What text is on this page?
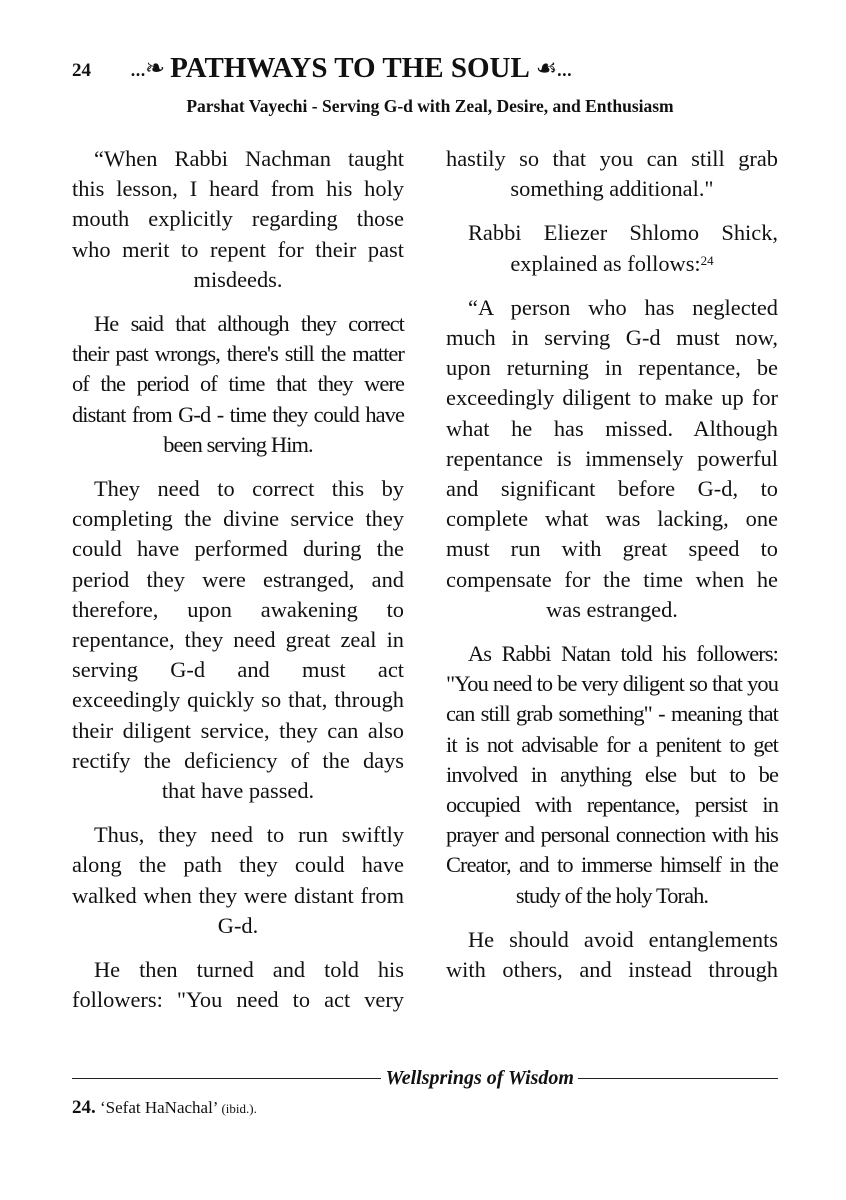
24 ...❧ PATHWAYS TO THE SOUL ☙...
Parshat Vayechi - Serving G-d with Zeal, Desire, and Enthusiasm

“When Rabbi Nachman taught this lesson, I heard from his holy mouth explicitly regarding those who merit to repent for their past misdeeds.

He said that although they correct their past wrongs, there's still the matter of the period of time that they were distant from G-d - time they could have been serving Him.

They need to correct this by completing the divine service they could have performed during the period they were estranged, and therefore, upon awakening to repentance, they need great zeal in serving G-d and must act exceedingly quickly so that, through their diligent service, they can also rectify the deficiency of the days that have passed.

Thus, they need to run swiftly along the path they could have walked when they were distant from G-d.

He then turned and told his followers: "You need to act very

hastily so that you can still grab something additional."

Rabbi Eliezer Shlomo Shick, explained as follows:$^{24}$

“A person who has neglected much in serving G-d must now, upon returning in repentance, be exceedingly diligent to make up for what he has missed. Although repentance is immensely powerful and significant before G-d, to complete what was lacking, one must run with great speed to compensate for the time when he was estranged.

As Rabbi Natan told his followers: "You need to be very diligent so that you can still grab something" - meaning that it is not advisable for a penitent to get involved in anything else but to be occupied with repentance, persist in prayer and personal connection with his Creator, and to immerse himself in the study of the holy Torah.

He should avoid entanglements with others, and instead through

Wellsprings of Wisdom
24. ‘Sefat HaNachal’ (ibid.).
